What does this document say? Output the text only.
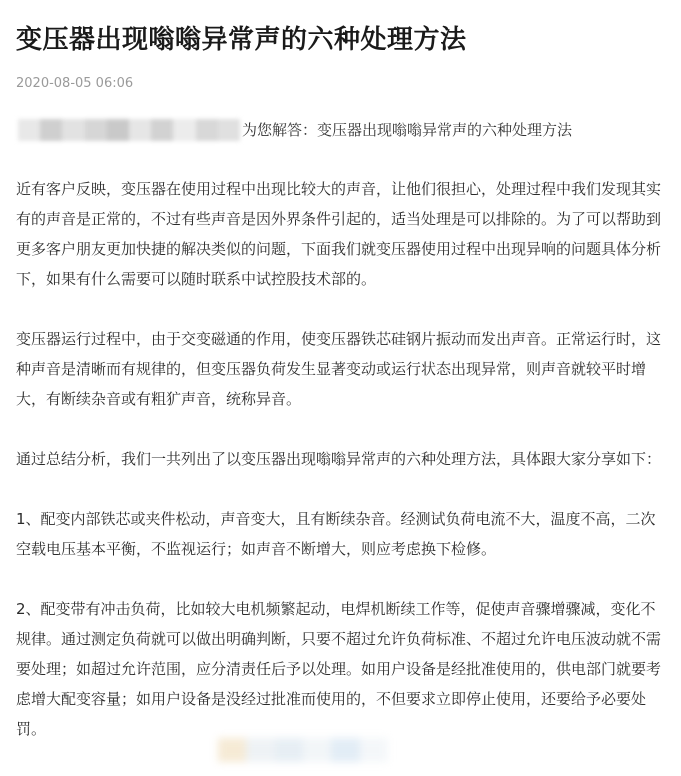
变压器出现嗡嗡异常声的六种处理方法
2020-08-05 06:06
为您解答：变压器出现嗡嗡异常声的六种处理方法

近有客户反映，变压器在使用过程中出现比较大的声音，让他们很担心，处理过程中我们发现其实有的声音是正常的，不过有些声音是因外界条件引起的，适当处理是可以排除的。为了可以帮助到更多客户朋友更加快捷的解决类似的问题，下面我们就变压器使用过程中出现异响的问题具体分析下，如果有什么需要可以随时联系中试控股技术部的。

变压器运行过程中，由于交变磁通的作用，使变压器铁芯硅钢片振动而发出声音。正常运行时，这种声音是清晰而有规律的，但变压器负荷发生显著变动或运行状态出现异常，则声音就较平时增大，有断续杂音或有粗犷声音，统称异音。

通过总结分析，我们一共列出了以变压器出现嗡嗡异常声的六种处理方法，具体跟大家分享如下：

1、配变内部铁芯或夹件松动，声音变大，且有断续杂音。经测试负荷电流不大，温度不高，二次空载电压基本平衡，不监视运行；如声音不断增大，则应考虑换下检修。

2、配变带有冲击负荷，比如较大电机频繁起动，电焊机断续工作等，促使声音骤增骤减，变化不规律。通过测定负荷就可以做出明确判断，只要不超过允许负荷标准、不超过允许电压波动就不需要处理；如超过允许范围，应分清责任后予以处理。如用户设备是经批准使用的，供电部门就要考虑增大配变容量；如用户设备是没经过批准而使用的，不但要求立即停止使用，还要给予必要处罚。
